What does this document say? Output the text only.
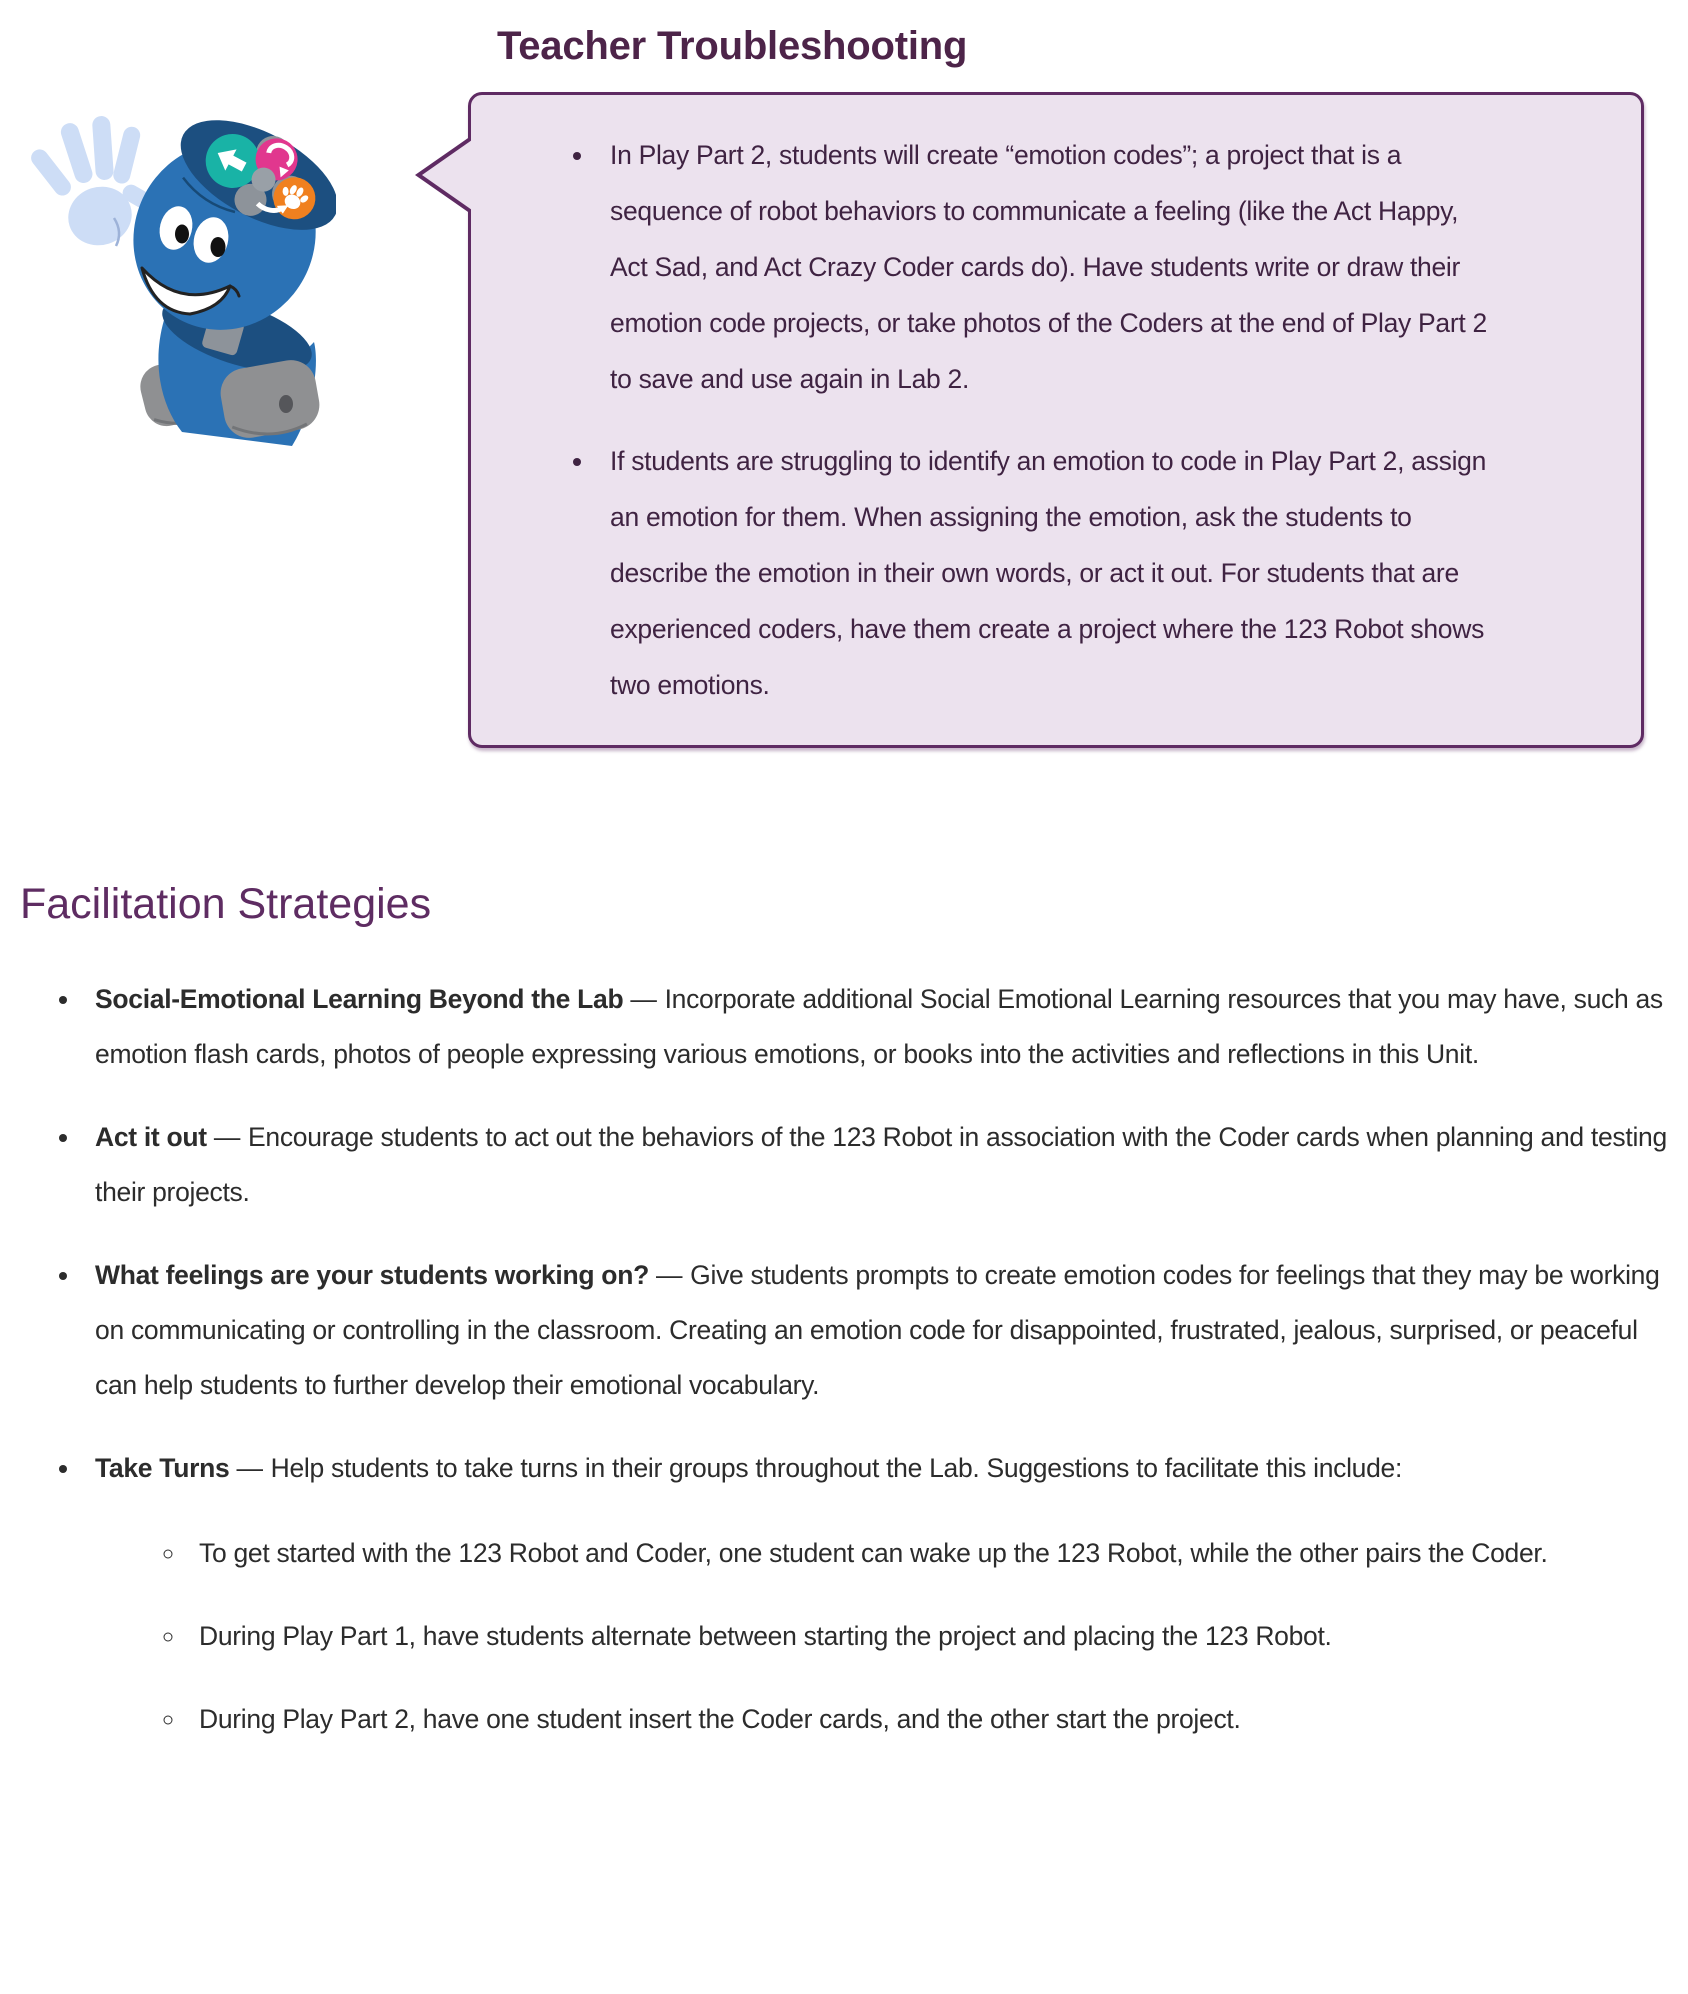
Teacher Troubleshooting
• In Play Part 2, students will create “emotion codes”; a project that is a sequence of robot behaviors to communicate a feeling (like the Act Happy, Act Sad, and Act Crazy Coder cards do). Have students write or draw their emotion code projects, or take photos of the Coders at the end of Play Part 2 to save and use again in Lab 2.
• If students are struggling to identify an emotion to code in Play Part 2, assign an emotion for them. When assigning the emotion, ask the students to describe the emotion in their own words, or act it out. For students that are experienced coders, have them create a project where the 123 Robot shows two emotions.
Facilitation Strategies
• Social-Emotional Learning Beyond the Lab — Incorporate additional Social Emotional Learning resources that you may have, such as emotion flash cards, photos of people expressing various emotions, or books into the activities and reflections in this Unit.
• Act it out — Encourage students to act out the behaviors of the 123 Robot in association with the Coder cards when planning and testing their projects.
• What feelings are your students working on? — Give students prompts to create emotion codes for feelings that they may be working on communicating or controlling in the classroom. Creating an emotion code for disappointed, frustrated, jealous, surprised, or peaceful can help students to further develop their emotional vocabulary.
• Take Turns — Help students to take turns in their groups throughout the Lab. Suggestions to facilitate this include:
◦ To get started with the 123 Robot and Coder, one student can wake up the 123 Robot, while the other pairs the Coder.
◦ During Play Part 1, have students alternate between starting the project and placing the 123 Robot.
◦ During Play Part 2, have one student insert the Coder cards, and the other start the project.
